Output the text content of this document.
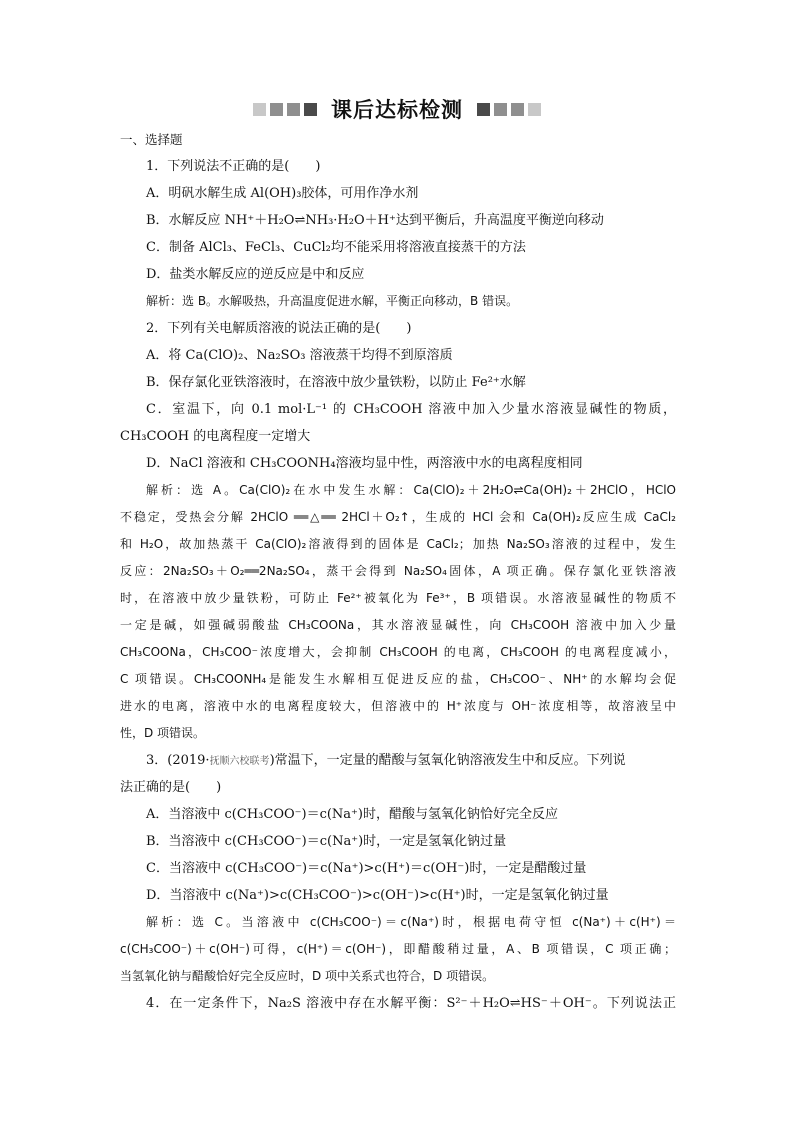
课后达标检测
一、选择题
1．下列说法不正确的是(　　)
A．明矾水解生成 Al(OH)₃胶体，可用作净水剂
B．水解反应 NH⁺＋H₂O⇌NH₃·H₂O＋H⁺达到平衡后，升高温度平衡逆向移动
C．制备 AlCl₃、FeCl₃、CuCl₂均不能采用将溶液直接蒸干的方法
D．盐类水解反应的逆反应是中和反应
解析：选 B。水解吸热，升高温度促进水解，平衡正向移动，B 错误。
2．下列有关电解质溶液的说法正确的是(　　)
A．将 Ca(ClO)₂、Na₂SO₃ 溶液蒸干均得不到原溶质
B．保存氯化亚铁溶液时，在溶液中放少量铁粉，以防止 Fe²⁺水解
C．室温下，向 0.1 mol·L⁻¹ 的 CH₃COOH 溶液中加入少量水溶液显碱性的物质，
CH₃COOH 的电离程度一定增大
D．NaCl 溶液和 CH₃COONH₄溶液均显中性，两溶液中水的电离程度相同
解析：选 A。Ca(ClO)₂在水中发生水解：Ca(ClO)₂＋2H₂O⇌Ca(OH)₂＋2HClO，HClO
不稳定，受热会分解 2HClO ══△══ 2HCl＋O₂↑，生成的 HCl 会和 Ca(OH)₂反应生成 CaCl₂
和 H₂O，故加热蒸干 Ca(ClO)₂溶液得到的固体是 CaCl₂；加热 Na₂SO₃溶液的过程中，发生
反应：2Na₂SO₃＋O₂══2Na₂SO₄，蒸干会得到 Na₂SO₄固体，A 项正确。保存氯化亚铁溶液
时，在溶液中放少量铁粉，可防止 Fe²⁺被氧化为 Fe³⁺，B 项错误。水溶液显碱性的物质不
一定是碱，如强碱弱酸盐 CH₃COONa，其水溶液显碱性，向 CH₃COOH 溶液中加入少量
CH₃COONa，CH₃COO⁻浓度增大，会抑制 CH₃COOH 的电离，CH₃COOH 的电离程度减小，
C 项错误。CH₃COONH₄是能发生水解相互促进反应的盐，CH₃COO⁻、NH⁺的水解均会促
进水的电离，溶液中水的电离程度较大，但溶液中的 H⁺浓度与 OH⁻浓度相等，故溶液呈中
性，D 项错误。
3．(2019·抚顺六校联考)常温下，一定量的醋酸与氢氧化钠溶液发生中和反应。下列说
法正确的是(　　)
A．当溶液中 c(CH₃COO⁻)＝c(Na⁺)时，醋酸与氢氧化钠恰好完全反应
B．当溶液中 c(CH₃COO⁻)＝c(Na⁺)时，一定是氢氧化钠过量
C．当溶液中 c(CH₃COO⁻)＝c(Na⁺)>c(H⁺)＝c(OH⁻)时，一定是醋酸过量
D．当溶液中 c(Na⁺)>c(CH₃COO⁻)>c(OH⁻)>c(H⁺)时，一定是氢氧化钠过量
解析：选 C。当溶液中 c(CH₃COO⁻)＝c(Na⁺)时，根据电荷守恒 c(Na⁺)＋c(H⁺)＝
c(CH₃COO⁻)＋c(OH⁻)可得，c(H⁺)＝c(OH⁻)，即醋酸稍过量，A、B 项错误，C 项正确；
当氢氧化钠与醋酸恰好完全反应时，D 项中关系式也符合，D 项错误。
4．在一定条件下，Na₂S 溶液中存在水解平衡：S²⁻＋H₂O⇌HS⁻＋OH⁻。下列说法正
